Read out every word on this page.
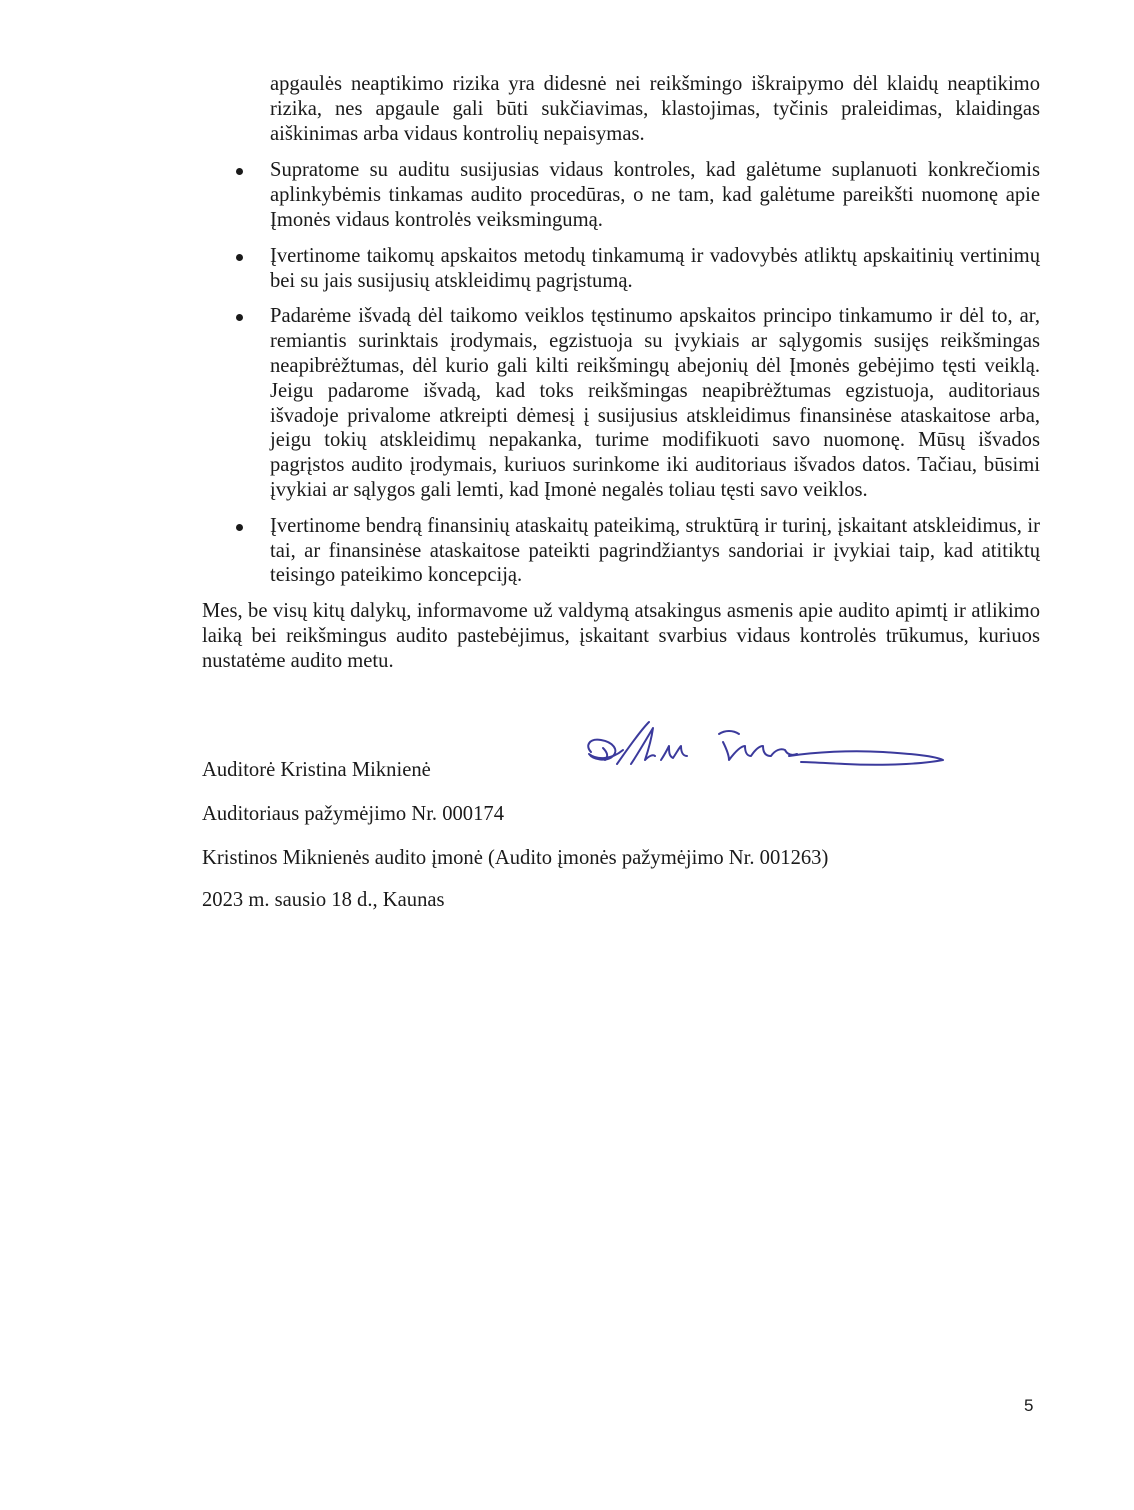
apgaulės neaptikimo rizika yra didesnė nei reikšmingo iškraipymo dėl klaidų neaptikimo rizika, nes apgaule gali būti sukčiavimas, klastojimas, tyčinis praleidimas, klaidingas aiškinimas arba vidaus kontrolių nepaisymas.

Supratome su auditu susijusias vidaus kontroles, kad galėtume suplanuoti konkrečiomis aplinkybėmis tinkamas audito procedūras, o ne tam, kad galėtume pareikšti nuomonę apie Įmonės vidaus kontrolės veiksmingumą.
Įvertinome taikomų apskaitos metodų tinkamumą ir vadovybės atliktų apskaitinių vertinimų bei su jais susijusių atskleidimų pagrįstumą.
Padarėme išvadą dėl taikomo veiklos tęstinumo apskaitos principo tinkamumo ir dėl to, ar, remiantis surinktais įrodymais, egzistuoja su įvykiais ar sąlygomis susijęs reikšmingas neapibrėžtumas, dėl kurio gali kilti reikšmingų abejonių dėl Įmonės gebėjimo tęsti veiklą. Jeigu padarome išvadą, kad toks reikšmingas neapibrėžtumas egzistuoja, auditoriaus išvadoje privalome atkreipti dėmesį į susijusius atskleidimus finansinėse ataskaitose arba, jeigu tokių atskleidimų nepakanka, turime modifikuoti savo nuomonę. Mūsų išvados pagrįstos audito įrodymais, kuriuos surinkome iki auditoriaus išvados datos. Tačiau, būsimi įvykiai ar sąlygos gali lemti, kad Įmonė negalės toliau tęsti savo veiklos.
Įvertinome bendrą finansinių ataskaitų pateikimą, struktūrą ir turinį, įskaitant atskleidimus, ir tai, ar finansinėse ataskaitose pateikti pagrindžiantys sandoriai ir įvykiai taip, kad atitiktų teisingo pateikimo koncepciją.

Mes, be visų kitų dalykų, informavome už valdymą atsakingus asmenis apie audito apimtį ir atlikimo laiką bei reikšmingus audito pastebėjimus, įskaitant svarbius vidaus kontrolės trūkumus, kuriuos nustatėme audito metu.

Auditorė Kristina Miknienė
Auditoriaus pažymėjimo Nr. 000174
Kristinos Miknienės audito įmonė (Audito įmonės pažymėjimo Nr. 001263)
2023 m. sausio 18 d., Kaunas
5
